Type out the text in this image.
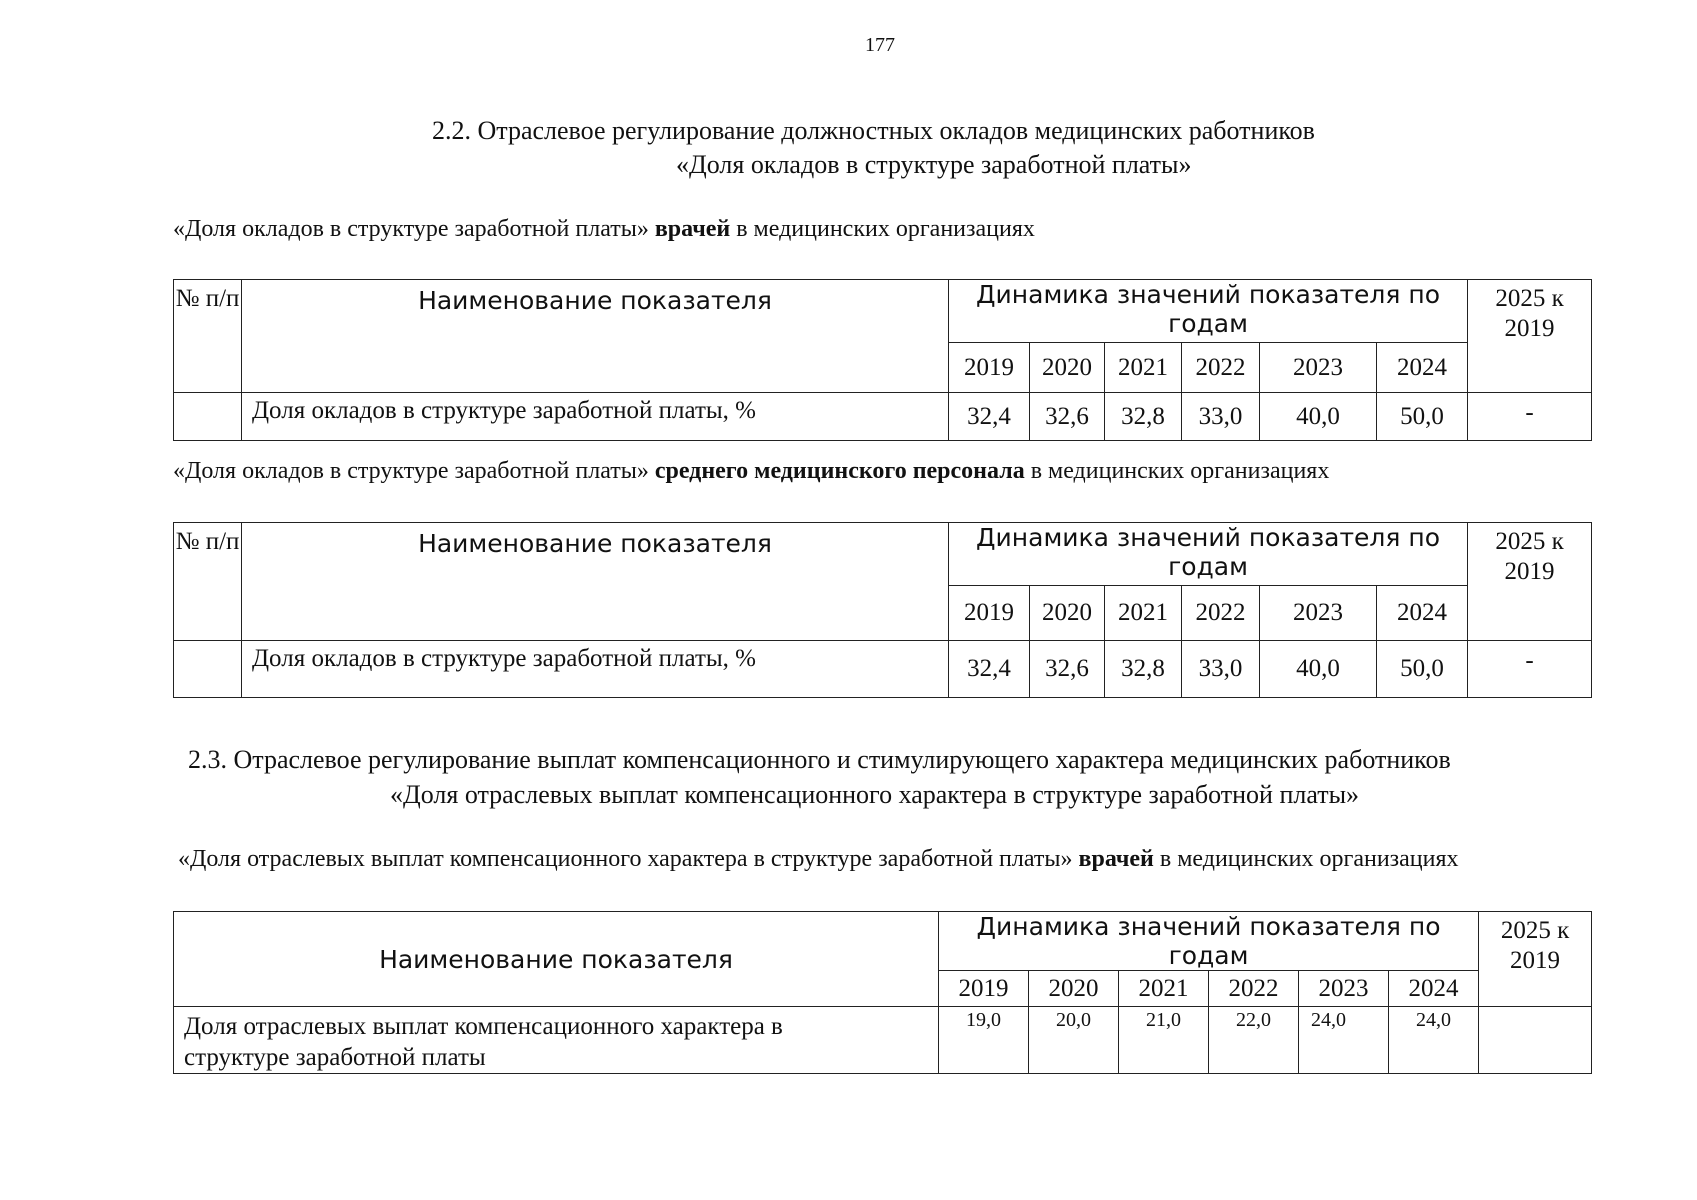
177
2.2. Отраслевое регулирование должностных окладов медицинских работников
«Доля окладов в структуре заработной платы»
«Доля окладов в структуре заработной платы» врачей в медицинских организациях
№ п/п	Наименование показателя	Динамика значений показателя по годам						2025 к 2019
		2019	2020	2021	2022	2023	2024	
	Доля окладов в структуре заработной платы, %	32,4	32,6	32,8	33,0	40,0	50,0	-
«Доля окладов в структуре заработной платы» среднего медицинского персонала в медицинских организациях
№ п/п	Наименование показателя	Динамика значений показателя по годам						2025 к 2019
		2019	2020	2021	2022	2023	2024	
	Доля окладов в структуре заработной платы, %	32,4	32,6	32,8	33,0	40,0	50,0	-
2.3. Отраслевое регулирование выплат компенсационного и стимулирующего характера медицинских работников
«Доля отраслевых выплат компенсационного характера в структуре заработной платы»
«Доля отраслевых выплат компенсационного характера в структуре заработной платы» врачей в медицинских организациях
Наименование показателя	Динамика значений показателя по годам						2025 к 2019
	2019	2020	2021	2022	2023	2024	
Доля отраслевых выплат компенсационного характера в структуре заработной платы	19,0	20,0	21,0	22,0	24,0	24,0	
